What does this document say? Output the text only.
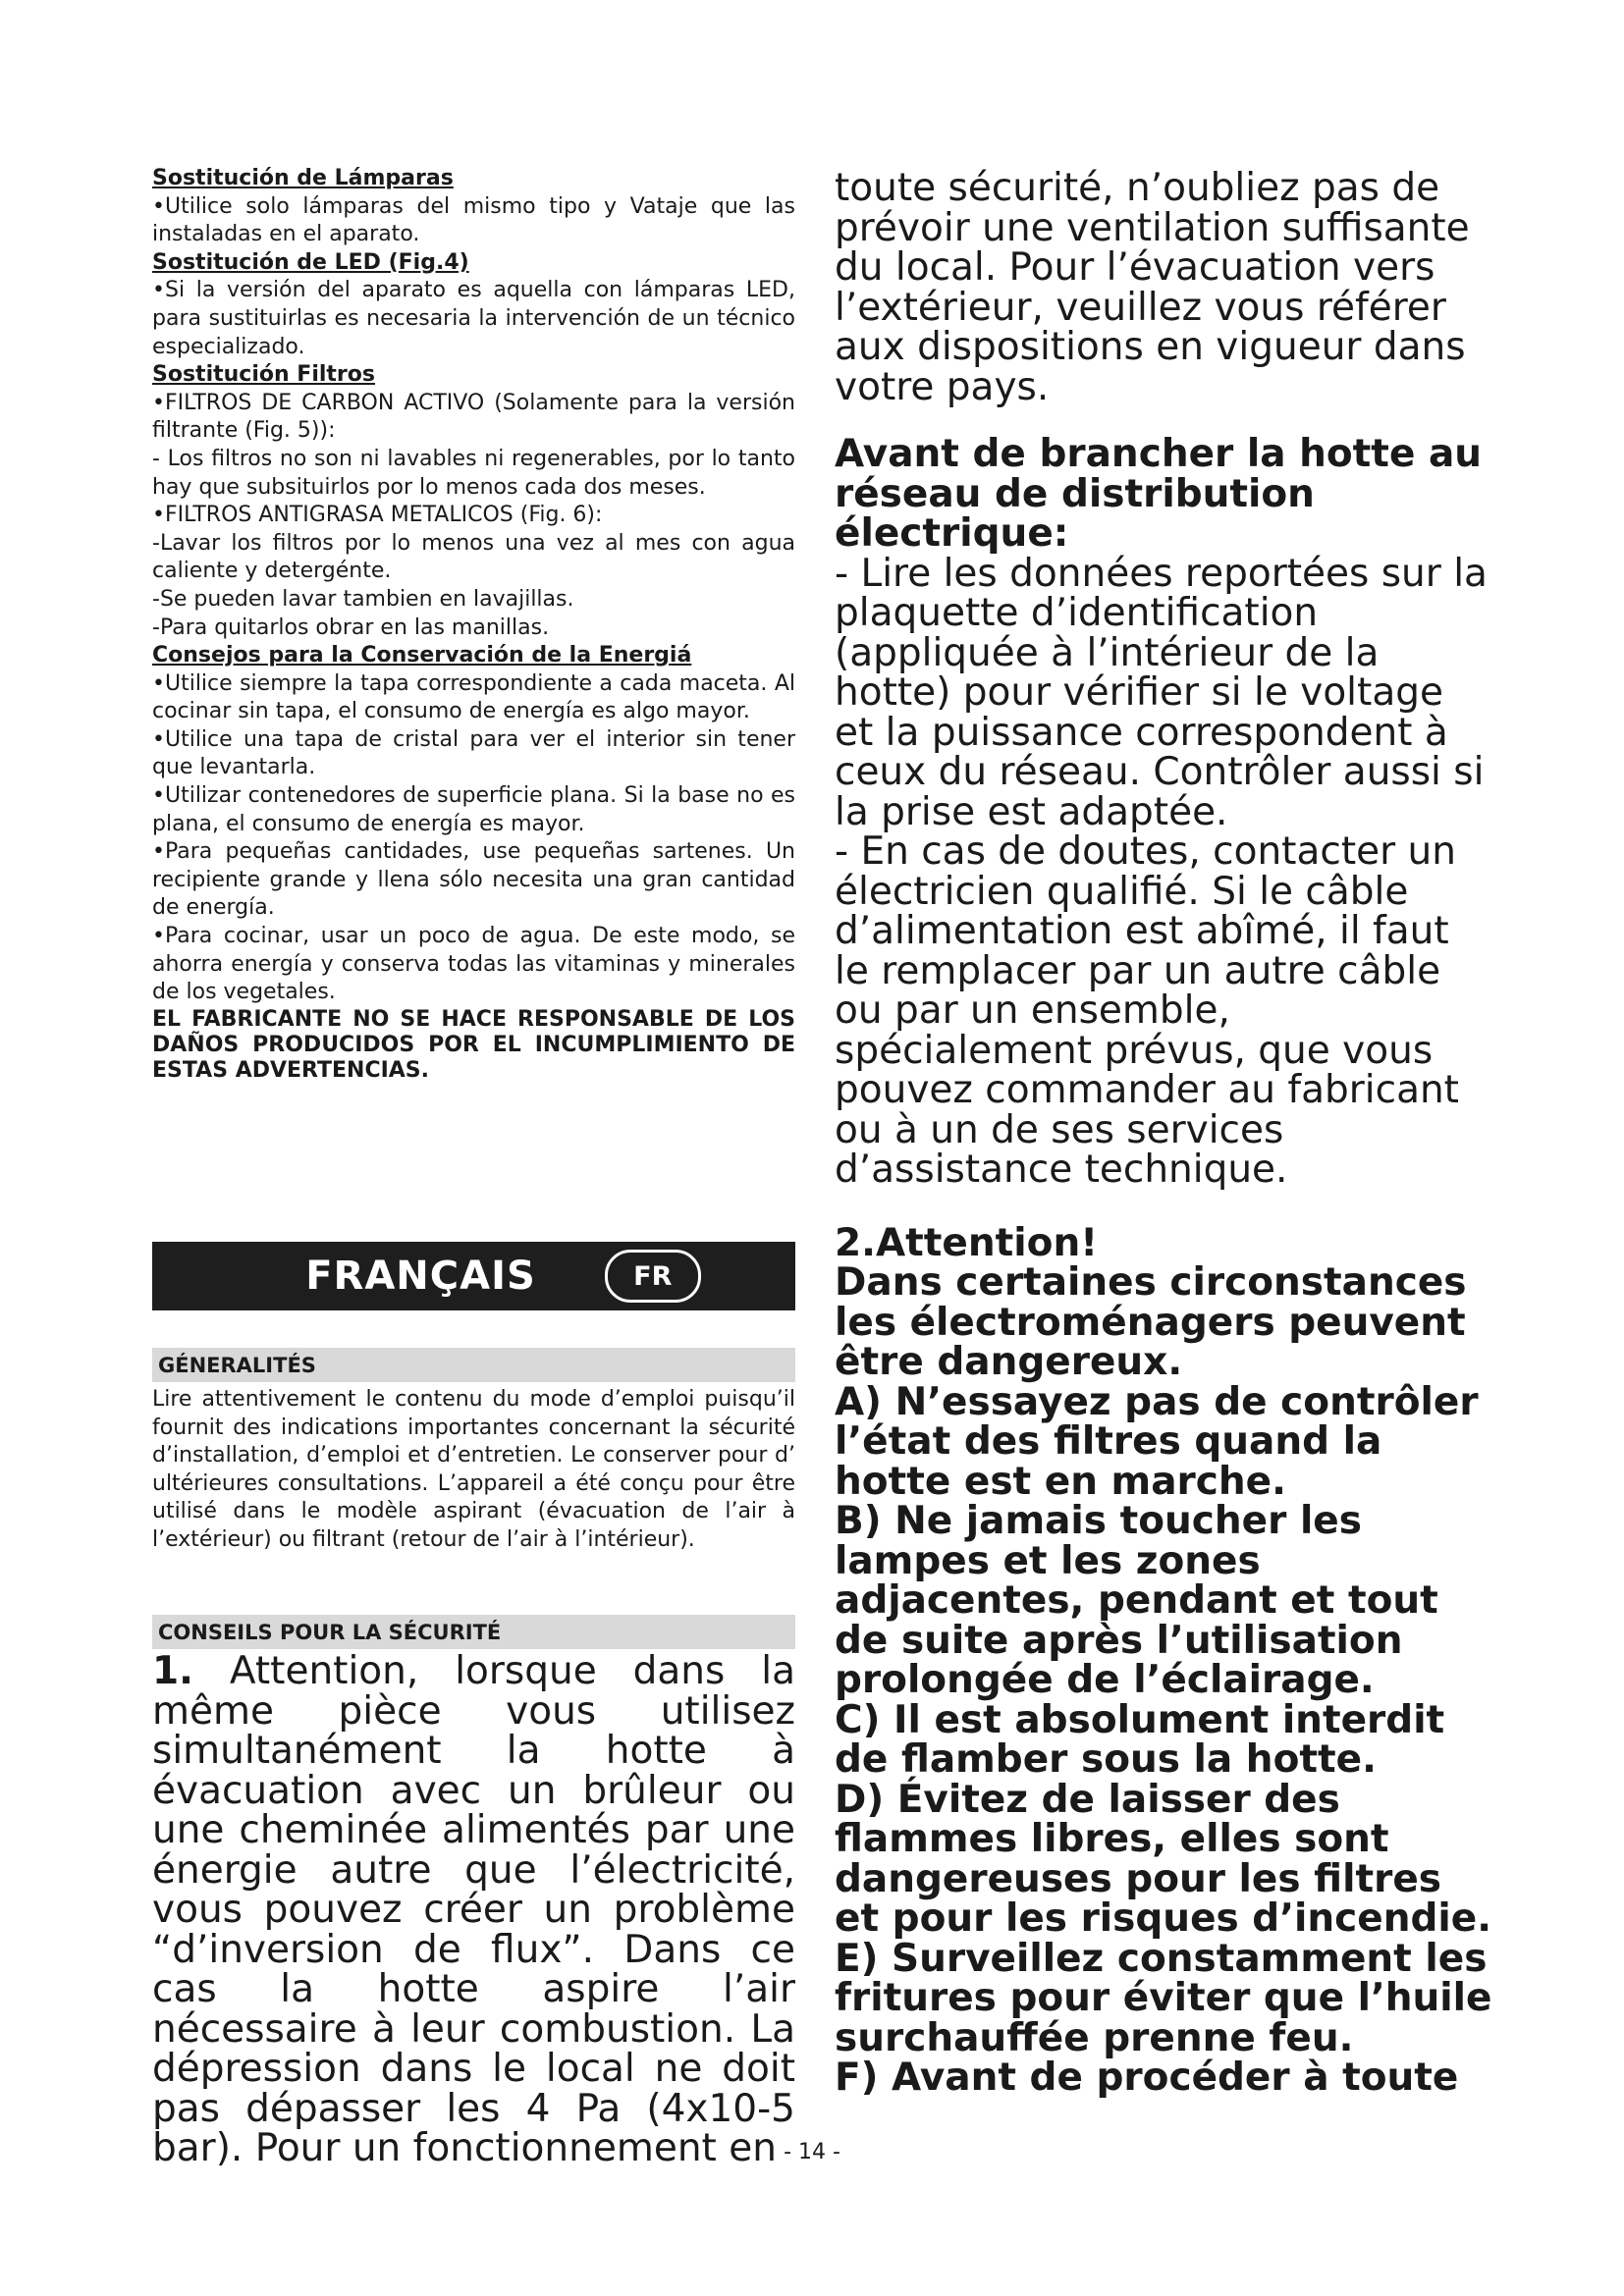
Sostitución de Lámparas

•Utilice solo lámparas del mismo tipo y Vataje que las instaladas en el aparato.

Sostitución de LED (Fig.4)

•Si la versión del aparato es aquella con lámparas LED, para sustituirlas es necesaria la intervención de un técnico especializado.

Sostitución Filtros

•FILTROS DE CARBON ACTIVO (Solamente para la versión filtrante (Fig. 5)):

- Los filtros no son ni lavables ni regenerables, por lo tanto hay que subsituirlos por lo menos cada dos meses.

•FILTROS ANTIGRASA METALICOS (Fig. 6):

-Lavar los filtros por lo menos una vez al mes con agua caliente y detergénte.

-Se pueden lavar tambien en lavajillas.

-Para quitarlos obrar en las manillas.

Consejos para la Conservación de la Energiá

•Utilice siempre la tapa correspondiente a cada maceta. Al cocinar sin tapa, el consumo de energía es algo mayor.

•Utilice una tapa de cristal para ver el interior sin tener que levantarla.

•Utilizar contenedores de superficie plana. Si la base no es plana, el consumo de energía es mayor.

•Para pequeñas cantidades, use pequeñas sartenes. Un recipiente grande y llena sólo necesita una gran cantidad de energía.

•Para cocinar, usar un poco de agua. De este modo, se ahorra energía y conserva todas las vitaminas y minerales de los vegetales.

EL FABRICANTE NO SE HACE RESPONSABLE DE LOS DAÑOS PRODUCIDOS POR EL INCUMPLIMIENTO DE ESTAS ADVERTENCIAS.

FRANÇAIS	FR
GÉNERALITÉS

Lire attentivement le contenu du mode d’emploi puisqu’il fournit des indications importantes concernant la sécurité d’installation, d’emploi et d’entretien. Le conserver pour d’ ultérieures consultations. L’appareil a été conçu pour être utilisé dans le modèle aspirant (évacuation de l’air à l’extérieur) ou filtrant (retour de l’air à l’intérieur).

CONSEILS POUR LA SÉCURITÉ
1. Attention, lorsque dans la même pièce vous utilisez simultanément la hotte à évacuation avec un brûleur ou une cheminée alimentés par une énergie autre que l’électricité, vous pouvez créer un problème “d’inversion de flux”. Dans ce cas la hotte aspire l’air nécessaire à leur combustion. La dépression dans le local ne doit pas dépasser les 4 Pa (4x10-5 bar). Pour un fonctionnement en

toute sécurité, n’oubliez pas de prévoir une ventilation suffisante du local. Pour l’évacuation vers l’extérieur, veuillez vous référer aux dispositions en vigueur dans votre pays.

Avant de brancher la hotte au réseau de distribution électrique:

- Lire les données reportées sur la plaquette d’identification (appliquée à l’intérieur de la hotte) pour vérifier si le voltage et la puissance correspondent à ceux du réseau. Contrôler aussi si la prise est adaptée.

- En cas de doutes, contacter un électricien qualifié. Si le câble d’alimentation est abîmé, il faut le remplacer par un autre câble ou par un ensemble, spécialement prévus, que vous pouvez commander au fabricant ou à un de ses services d’assistance technique.

2.Attention!

Dans certaines circonstances les électroménagers peuvent être dangereux.

A) N’essayez pas de contrôler l’état des filtres quand la hotte est en marche.

B) Ne jamais toucher les lampes et les zones adjacentes, pendant et tout de suite après l’utilisation prolongée de l’éclairage.

C) Il est absolument interdit de flamber sous la hotte.

D) Évitez de laisser des flammes libres, elles sont dangereuses pour les filtres et pour les risques d’incendie.

E) Surveillez constamment les fritures pour éviter que l’huile surchauffée prenne feu.

F) Avant de procéder à toute

- 14 -
